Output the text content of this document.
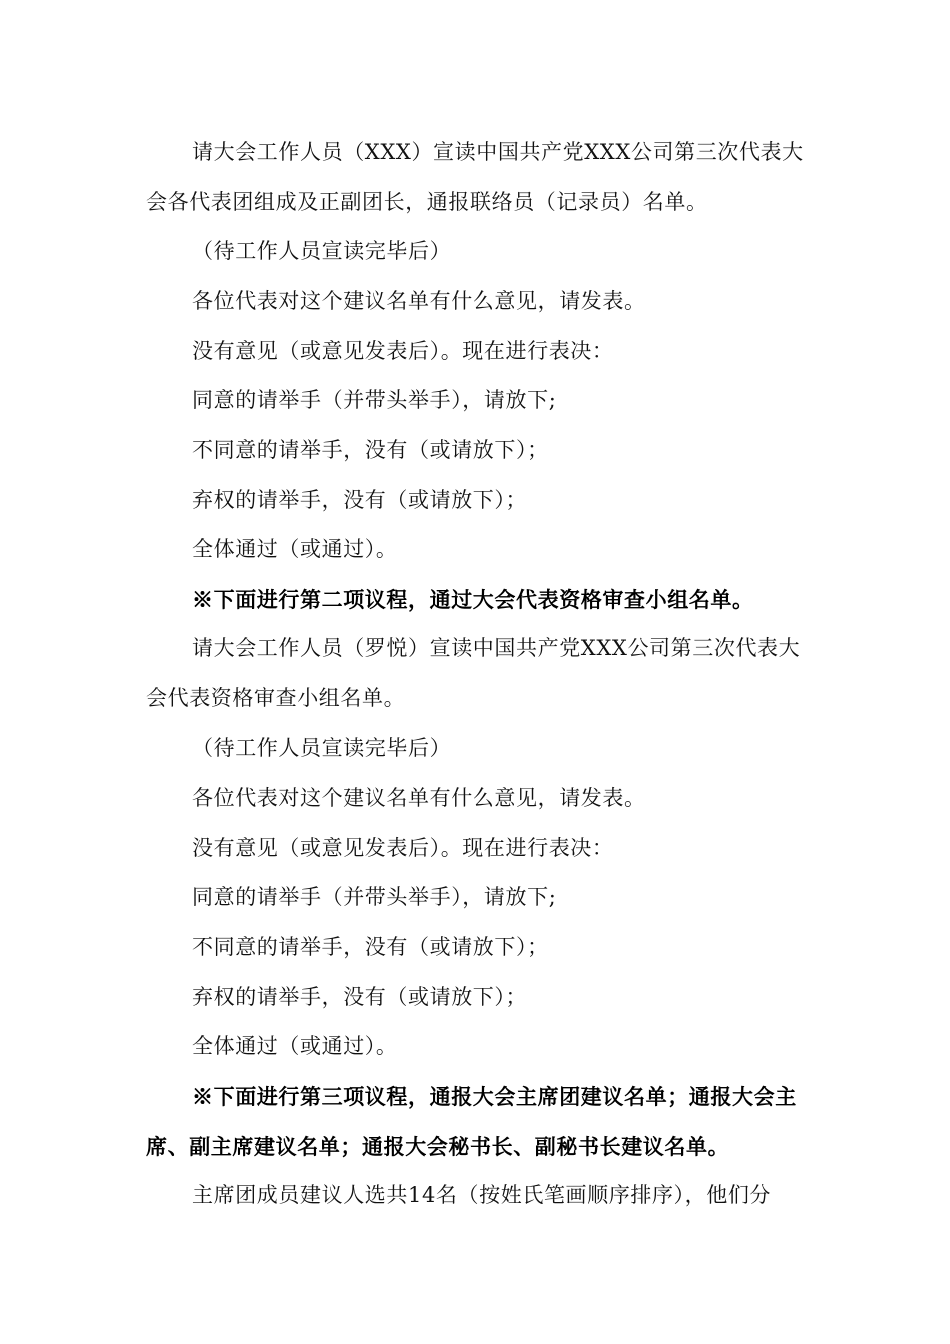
请大会工作人员（XXX）宣读中国共产党XXX公司第三次代表大会各代表团组成及正副团长，通报联络员（记录员）名单。

（待工作人员宣读完毕后）

各位代表对这个建议名单有什么意见，请发表。

没有意见（或意见发表后）。现在进行表决：

同意的请举手（并带头举手），请放下;

不同意的请举手，没有（或请放下）；

弃权的请举手，没有（或请放下）；

全体通过（或通过）。

※下面进行第二项议程，通过大会代表资格审查小组名单。

请大会工作人员（罗悦）宣读中国共产党XXX公司第三次代表大会代表资格审查小组名单。

（待工作人员宣读完毕后）

各位代表对这个建议名单有什么意见，请发表。

没有意见（或意见发表后）。现在进行表决：

同意的请举手（并带头举手），请放下;

不同意的请举手，没有（或请放下）；

弃权的请举手，没有（或请放下）；

全体通过（或通过）。

※下面进行第三项议程，通报大会主席团建议名单；通报大会主席、副主席建议名单；通报大会秘书长、副秘书长建议名单。

主席团成员建议人选共14名（按姓氏笔画顺序排序），他们分
